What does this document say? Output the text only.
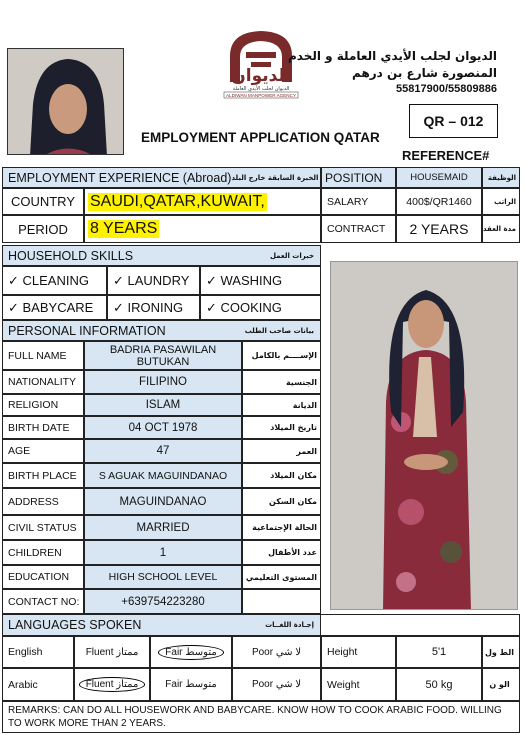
الديوان
الديوان لجلب الأيدي العاملة
ALDIWAN MANPOWER AGENCY
الديوان لجلب الأيدي العاملة و الخدم
المنصورة شارع بن درهم
55817900/55809886
EMPLOYMENT APPLICATION QATAR
QR – 012
REFERENCE#
EMPLOYMENT EXPERIENCE (Abroad) الخبرة السابقة خارج البلد
COUNTRY SAUDI,QATAR,KUWAIT,
PERIOD	8 YEARS
POSITION	HOUSEMAID	الوظيفة
SALARY	400$/QR1460	الراتب
CONTRACT	2 YEARS	مدة العقد
HOUSEHOLD SKILLS	خبرات العمل
✓ CLEANING	✓ LAUNDRY	✓ WASHING
✓ BABYCARE	✓ IRONING	✓ COOKING
PERSONAL INFORMATION	بيانات صاحب الطلب
FULL NAME	BADRIA PASAWILAN BUTUKAN	الإســــم بالكامل
NATIONALITY	FILIPINO	الجنسية
RELIGION	ISLAM	الديانة
BIRTH DATE	04 OCT 1978	تاريخ الميلاد
AGE	47	العمر
BIRTH PLACE	S AGUAK MAGUINDANAO	مكان الميلاد
ADDRESS	MAGUINDANAO	مكان السكن
CIVIL STATUS	MARRIED	الحالة الإجتماعية
CHILDREN	1	عدد الأطفال
EDUCATION	HIGH SCHOOL LEVEL	المستوى التعليمي
CONTACT NO:	+639754223280
LANGUAGES SPOKEN	إجـادة اللغــات
English	Fluent ممتاز	Fair متوسط	Poor لا شي	Height	5'1	الط ول
Arabic	Fluent ممتاز	Fair متوسط	Poor لا شي	Weight	50 kg	الو ن
REMARKS: CAN DO ALL HOUSEWORK AND BABYCARE. KNOW HOW TO COOK ARABIC FOOD. WILLING TO WORK MORE THAN 2 YEARS.
